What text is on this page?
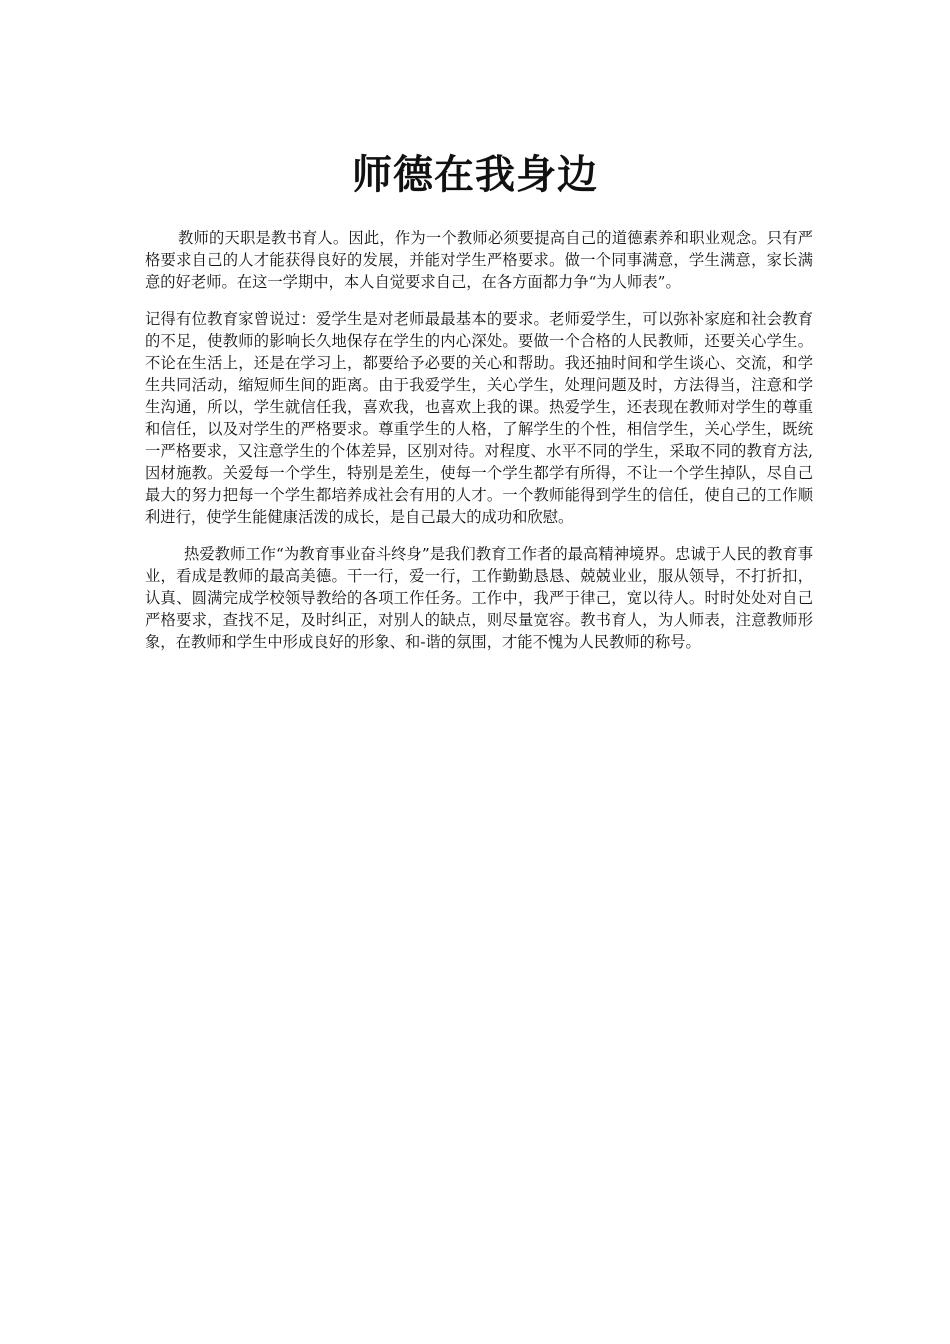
师德在我身边

教师的天职是教书育人。因此，作为一个教师必须要提高自己的道德素养和职业观念。只有严格要求自己的人才能获得良好的发展，并能对学生严格要求。做一个同事满意，学生满意，家长满意的好老师。在这一学期中，本人自觉要求自己，在各方面都力争“为人师表”。

记得有位教育家曾说过：爱学生是对老师最最基本的要求。老师爱学生，可以弥补家庭和社会教育的不足，使教师的影响长久地保存在学生的内心深处。要做一个合格的人民教师，还要关心学生。不论在生活上，还是在学习上，都要给予必要的关心和帮助。我还抽时间和学生谈心、交流，和学生共同活动，缩短师生间的距离。由于我爱学生，关心学生，处理问题及时，方法得当，注意和学生沟通，所以，学生就信任我，喜欢我，也喜欢上我的课。热爱学生，还表现在教师对学生的尊重和信任，以及对学生的严格要求。尊重学生的人格，了解学生的个性，相信学生，关心学生，既统一严格要求，又注意学生的个体差异，区别对待。对程度、水平不同的学生，采取不同的教育方法,因材施教。关爱每一个学生，特别是差生，使每一个学生都学有所得，不让一个学生掉队，尽自己最大的努力把每一个学生都培养成社会有用的人才。一个教师能得到学生的信任，使自己的工作顺利进行，使学生能健康活泼的成长，是自己最大的成功和欣慰。

热爱教师工作“为教育事业奋斗终身”是我们教育工作者的最高精神境界。忠诚于人民的教育事业，看成是教师的最高美德。干一行，爱一行，工作勤勤恳恳、兢兢业业，服从领导，不打折扣，认真、圆满完成学校领导教给的各项工作任务。工作中，我严于律己，宽以待人。时时处处对自己严格要求，查找不足，及时纠正，对别人的缺点，则尽量宽容。教书育人，为人师表，注意教师形象，在教师和学生中形成良好的形象、和-谐的氛围，才能不愧为人民教师的称号。
